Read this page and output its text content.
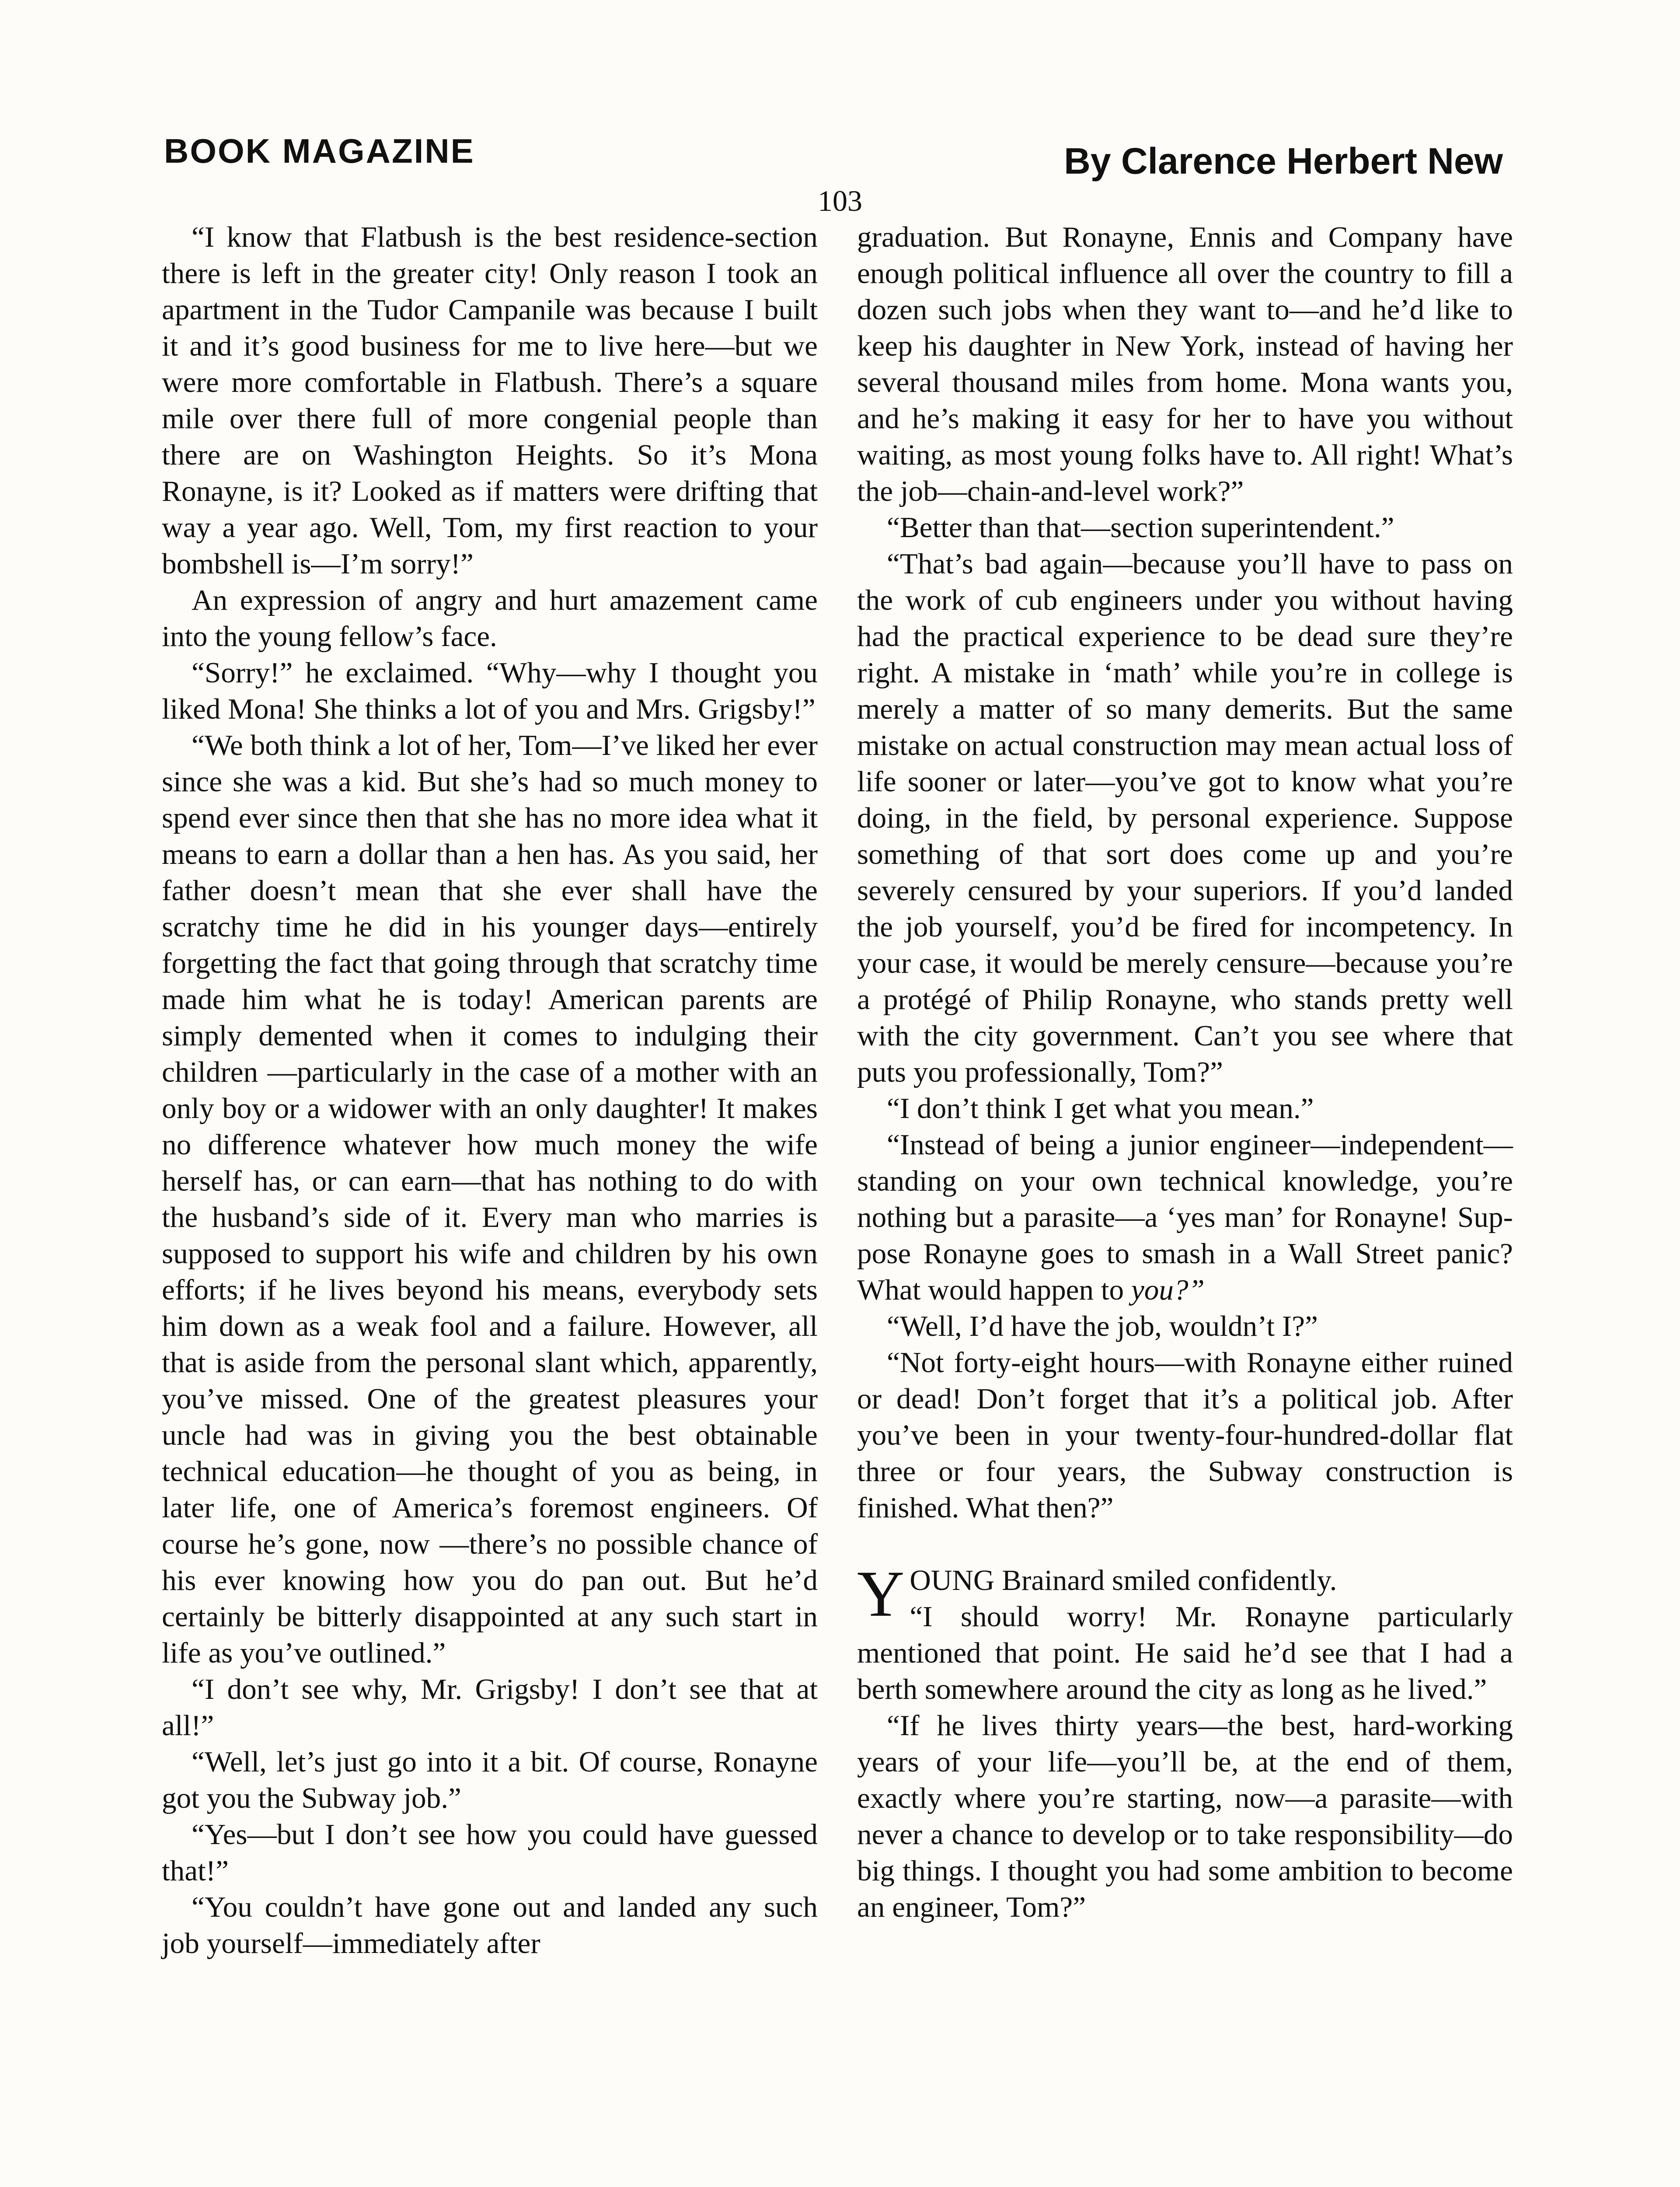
BOOK MAGAZINE	By Clarence Herbert New
103

“I know that Flatbush is the best residence-section there is left in the greater city! Only reason I took an apartment in the Tudor Campanile was because I built it and it’s good business for me to live here—but we were more comfortable in Flatbush. There’s a square mile over there full of more congenial people than there are on Washington Heights. So it’s Mona Ronayne, is it? Looked as if matters were drifting that way a year ago. Well, Tom, my first reaction to your bombshell is—I’m sorry!”

An expression of angry and hurt amazement came into the young fellow’s face.

“Sorry!” he exclaimed. “Why—why I thought you liked Mona! She thinks a lot of you and Mrs. Grigsby!”

“We both think a lot of her, Tom—I’ve liked her ever since she was a kid. But she’s had so much money to spend ever since then that she has no more idea what it means to earn a dollar than a hen has. As you said, her father doesn’t mean that she ever shall have the scratchy time he did in his younger days—entirely forgetting the fact that going through that scratchy time made him what he is today! American parents are simply demented when it comes to indulging their children —particularly in the case of a mother with an only boy or a widower with an only daughter! It makes no difference whatever how much money the wife herself has, or can earn—that has nothing to do with the husband’s side of it. Every man who marries is supposed to support his wife and children by his own efforts; if he lives beyond his means, everybody sets him down as a weak fool and a failure. However, all that is aside from the personal slant which, apparently, you’ve missed. One of the greatest pleasures your uncle had was in giving you the best obtainable technical education—he thought of you as being, in later life, one of America’s foremost engineers. Of course he’s gone, now —there’s no possible chance of his ever knowing how you do pan out. But he’d certainly be bitterly disappointed at any such start in life as you’ve outlined.”

“I don’t see why, Mr. Grigsby! I don’t see that at all!”

“Well, let’s just go into it a bit. Of course, Ronayne got you the Subway job.”

“Yes—but I don’t see how you could have guessed that!”

“You couldn’t have gone out and landed any such job yourself—immediately after

graduation. But Ronayne, Ennis and Company have enough political influence all over the country to fill a dozen such jobs when they want to—and he’d like to keep his daughter in New York, instead of having her several thousand miles from home. Mona wants you, and he’s making it easy for her to have you without waiting, as most young folks have to. All right! What’s the job—chain-and-level work?”

“Better than that—section superintendent.”

“That’s bad again—because you’ll have to pass on the work of cub engineers under you without having had the practical experience to be dead sure they’re right. A mistake in ‘math’ while you’re in college is merely a matter of so many demerits. But the same mistake on actual construction may mean actual loss of life sooner or later—you’ve got to know what you’re doing, in the field, by personal experience. Suppose something of that sort does come up and you’re severely censured by your superiors. If you’d landed the job yourself, you’d be fired for incompetency. In your case, it would be merely censure—because you’re a protégé of Philip Ronayne, who stands pretty well with the city government. Can’t you see where that puts you professionally, Tom?”

“I don’t think I get what you mean.”

“Instead of being a junior engineer—independent—standing on your own technical knowledge, you’re nothing but a parasite—a ‘yes man’ for Ronayne! Suppose Ronayne goes to smash in a Wall Street panic? What would happen to you?”

“Well, I’d have the job, wouldn’t I?”

“Not forty-eight hours—with Ronayne either ruined or dead! Don’t forget that it’s a political job. After you’ve been in your twenty-four-hundred-dollar flat three or four years, the Subway construction is finished. What then?”

YOUNG Brainard smiled confidently.
“I should worry! Mr. Ronayne particularly mentioned that point. He said he’d see that I had a berth somewhere around the city as long as he lived.”

“If he lives thirty years—the best, hard-working years of your life—you’ll be, at the end of them, exactly where you’re starting, now—a parasite—with never a chance to develop or to take responsibility—do big things. I thought you had some ambition to become an engineer, Tom?”
